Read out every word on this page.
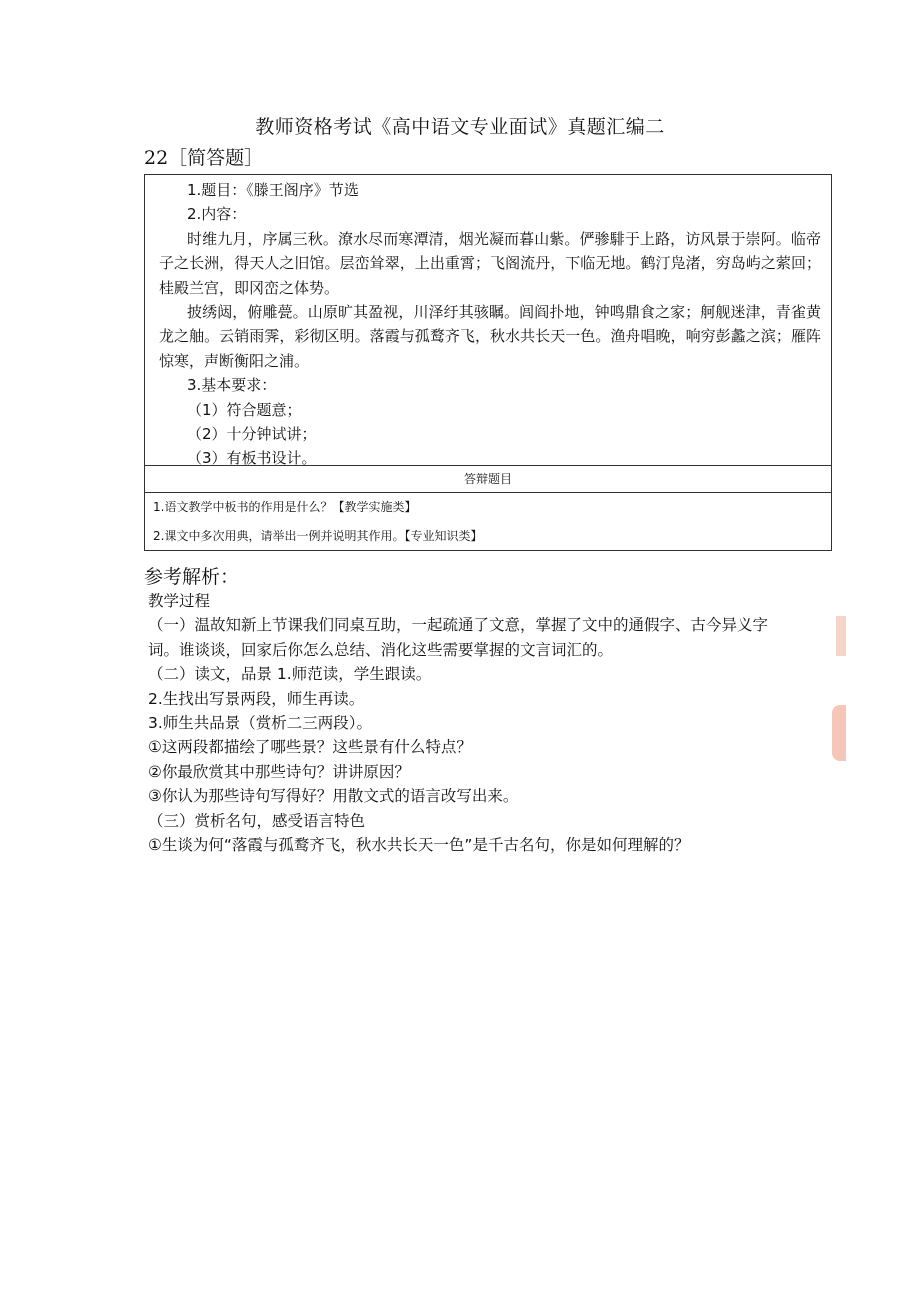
教师资格考试《高中语文专业面试》真题汇编二
22［简答题］

1.题目：《滕王阁序》节选

2.内容：

时维九月，序属三秋。潦水尽而寒潭清，烟光凝而暮山紫。俨骖騑于上路，访风景于崇阿。临帝子之长洲，得天人之旧馆。层峦耸翠，上出重霄；飞阁流丹，下临无地。鹤汀凫渚，穷岛屿之萦回；桂殿兰宫，即冈峦之体势。

披绣闼，俯雕甍。山原旷其盈视，川泽纡其骇瞩。闾阎扑地，钟鸣鼎食之家；舸舰迷津，青雀黄龙之舳。云销雨霁，彩彻区明。落霞与孤鹜齐飞，秋水共长天一色。渔舟唱晚，响穷彭蠡之滨；雁阵惊寒，声断衡阳之浦。

3.基本要求：

（1）符合题意；

（2）十分钟试讲；

（3）有板书设计。

答辩题目
1.语文教学中板书的作用是什么？【教学实施类】
2.课文中多次用典，请举出一例并说明其作用。【专业知识类】
参考解析：

教学过程

（一）温故知新上节课我们同桌互助，一起疏通了文意，掌握了文中的通假字、古今异义字

词。谁谈谈，回家后你怎么总结、消化这些需要掌握的文言词汇的。

（二）读文，品景 1.师范读，学生跟读。

2.生找出写景两段，师生再读。

3.师生共品景（赏析二三两段）。

①这两段都描绘了哪些景？这些景有什么特点？

②你最欣赏其中那些诗句？讲讲原因？

③你认为那些诗句写得好？用散文式的语言改写出来。

（三）赏析名句，感受语言特色

①生谈为何“落霞与孤鹜齐飞，秋水共长天一色”是千古名句，你是如何理解的？
